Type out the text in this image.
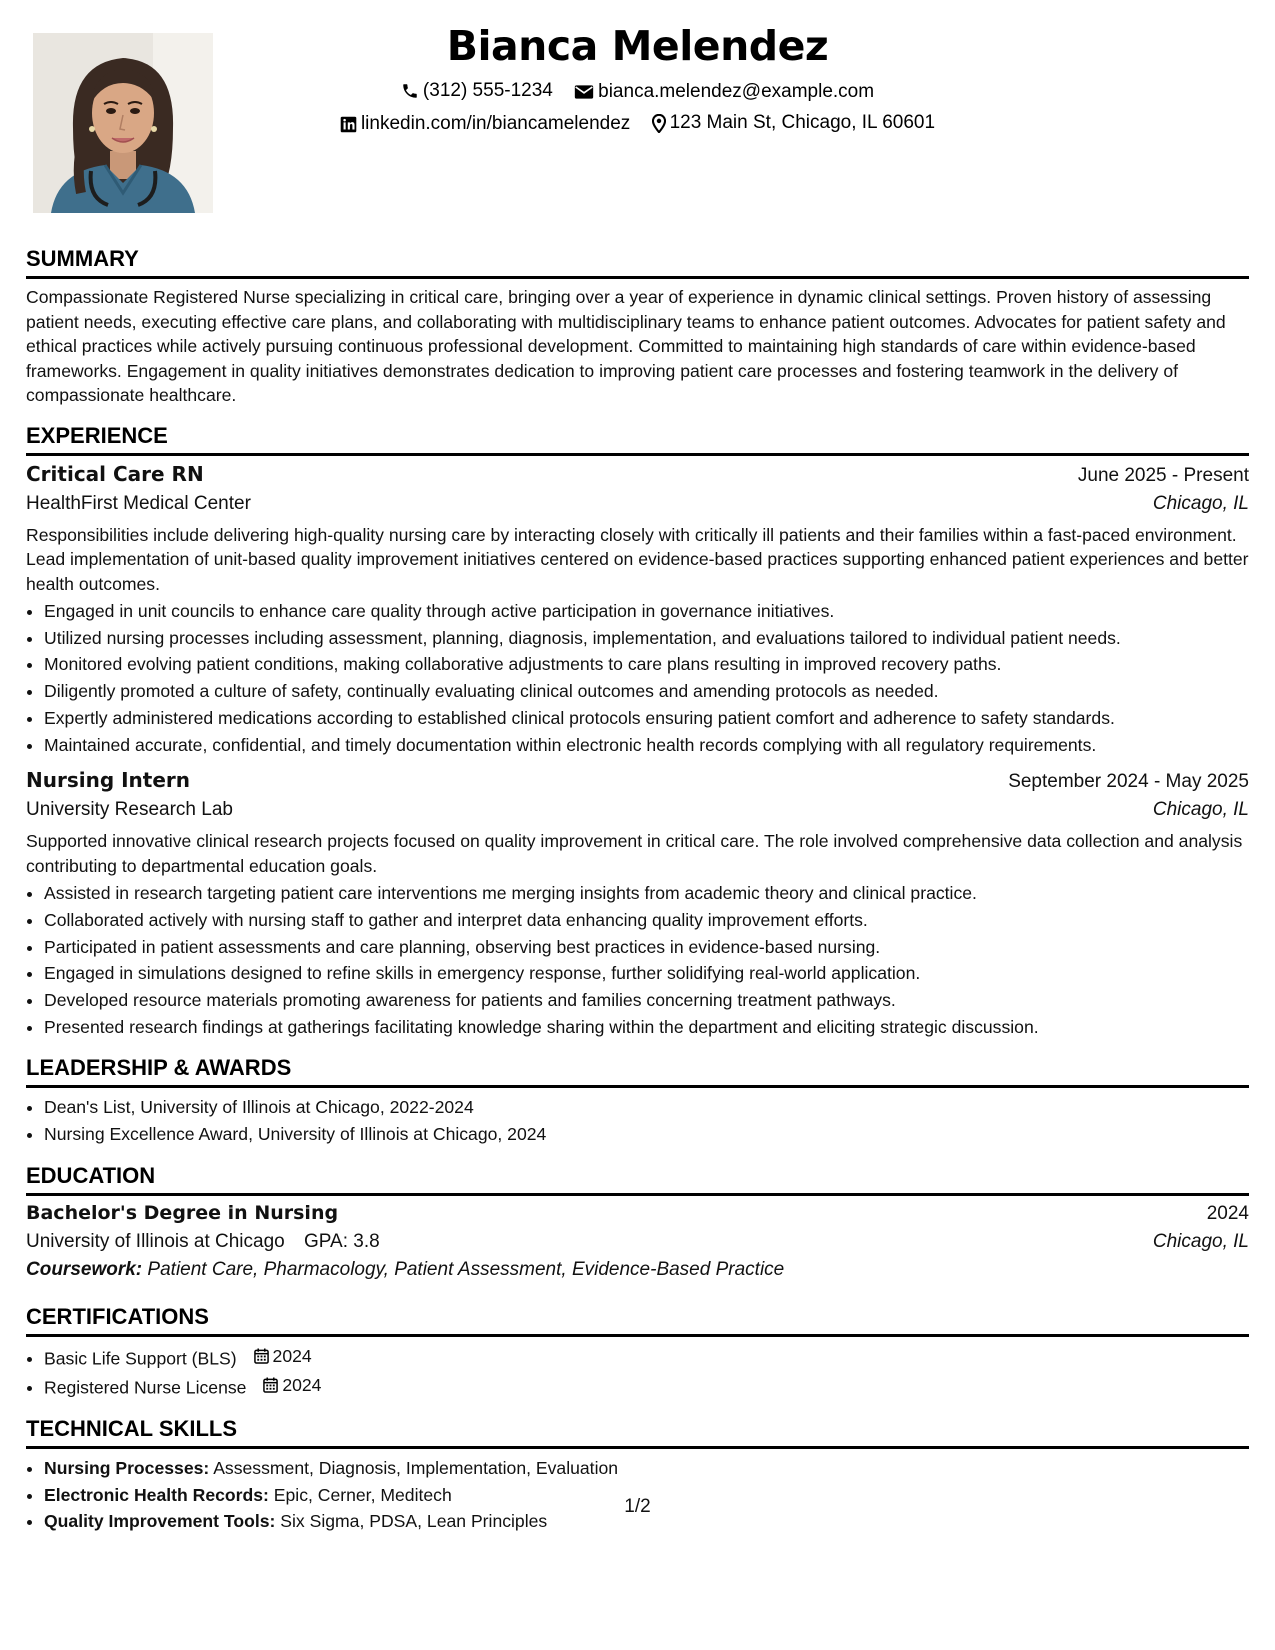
Bianca Melendez
(312) 555-1234
bianca.melendez@example.com
linkedin.com/in/biancamelendez
123 Main St, Chicago, IL 60601
SUMMARY

Compassionate Registered Nurse specializing in critical care, bringing over a year of experience in dynamic clinical settings. Proven history of assessing patient needs, executing effective care plans, and collaborating with multidisciplinary teams to enhance patient outcomes. Advocates for patient safety and ethical practices while actively pursuing continuous professional development. Committed to maintaining high standards of care within evidence-based frameworks. Engagement in quality initiatives demonstrates dedication to improving patient care processes and fostering teamwork in the delivery of compassionate healthcare.

EXPERIENCE
Critical Care RN	June 2025 - Present
HealthFirst Medical Center	Chicago, IL

Responsibilities include delivering high-quality nursing care by interacting closely with critically ill patients and their families within a fast-paced environment. Lead implementation of unit-based quality improvement initiatives centered on evidence-based practices supporting enhanced patient experiences and better health outcomes.

• Engaged in unit councils to enhance care quality through active participation in governance initiatives.
• Utilized nursing processes including assessment, planning, diagnosis, implementation, and evaluations tailored to individual patient needs.
• Monitored evolving patient conditions, making collaborative adjustments to care plans resulting in improved recovery paths.
• Diligently promoted a culture of safety, continually evaluating clinical outcomes and amending protocols as needed.
• Expertly administered medications according to established clinical protocols ensuring patient comfort and adherence to safety standards.
• Maintained accurate, confidential, and timely documentation within electronic health records complying with all regulatory requirements.
Nursing Intern	September 2024 - May 2025
University Research Lab	Chicago, IL

Supported innovative clinical research projects focused on quality improvement in critical care. The role involved comprehensive data collection and analysis contributing to departmental education goals.

• Assisted in research targeting patient care interventions me merging insights from academic theory and clinical practice.
• Collaborated actively with nursing staff to gather and interpret data enhancing quality improvement efforts.
• Participated in patient assessments and care planning, observing best practices in evidence-based nursing.
• Engaged in simulations designed to refine skills in emergency response, further solidifying real-world application.
• Developed resource materials promoting awareness for patients and families concerning treatment pathways.
• Presented research findings at gatherings facilitating knowledge sharing within the department and eliciting strategic discussion.
LEADERSHIP & AWARDS
• Dean's List, University of Illinois at Chicago, 2022-2024
• Nursing Excellence Award, University of Illinois at Chicago, 2024
EDUCATION
Bachelor's Degree in Nursing	2024
University of Illinois at Chicago GPA: 3.8	Chicago, IL
Coursework: Patient Care, Pharmacology, Patient Assessment, Evidence-Based Practice
CERTIFICATIONS
• Basic Life Support (BLS) 2024
• Registered Nurse License 2024
TECHNICAL SKILLS
• Nursing Processes: Assessment, Diagnosis, Implementation, Evaluation
• Electronic Health Records: Epic, Cerner, Meditech
• Quality Improvement Tools: Six Sigma, PDSA, Lean Principles
1/2
